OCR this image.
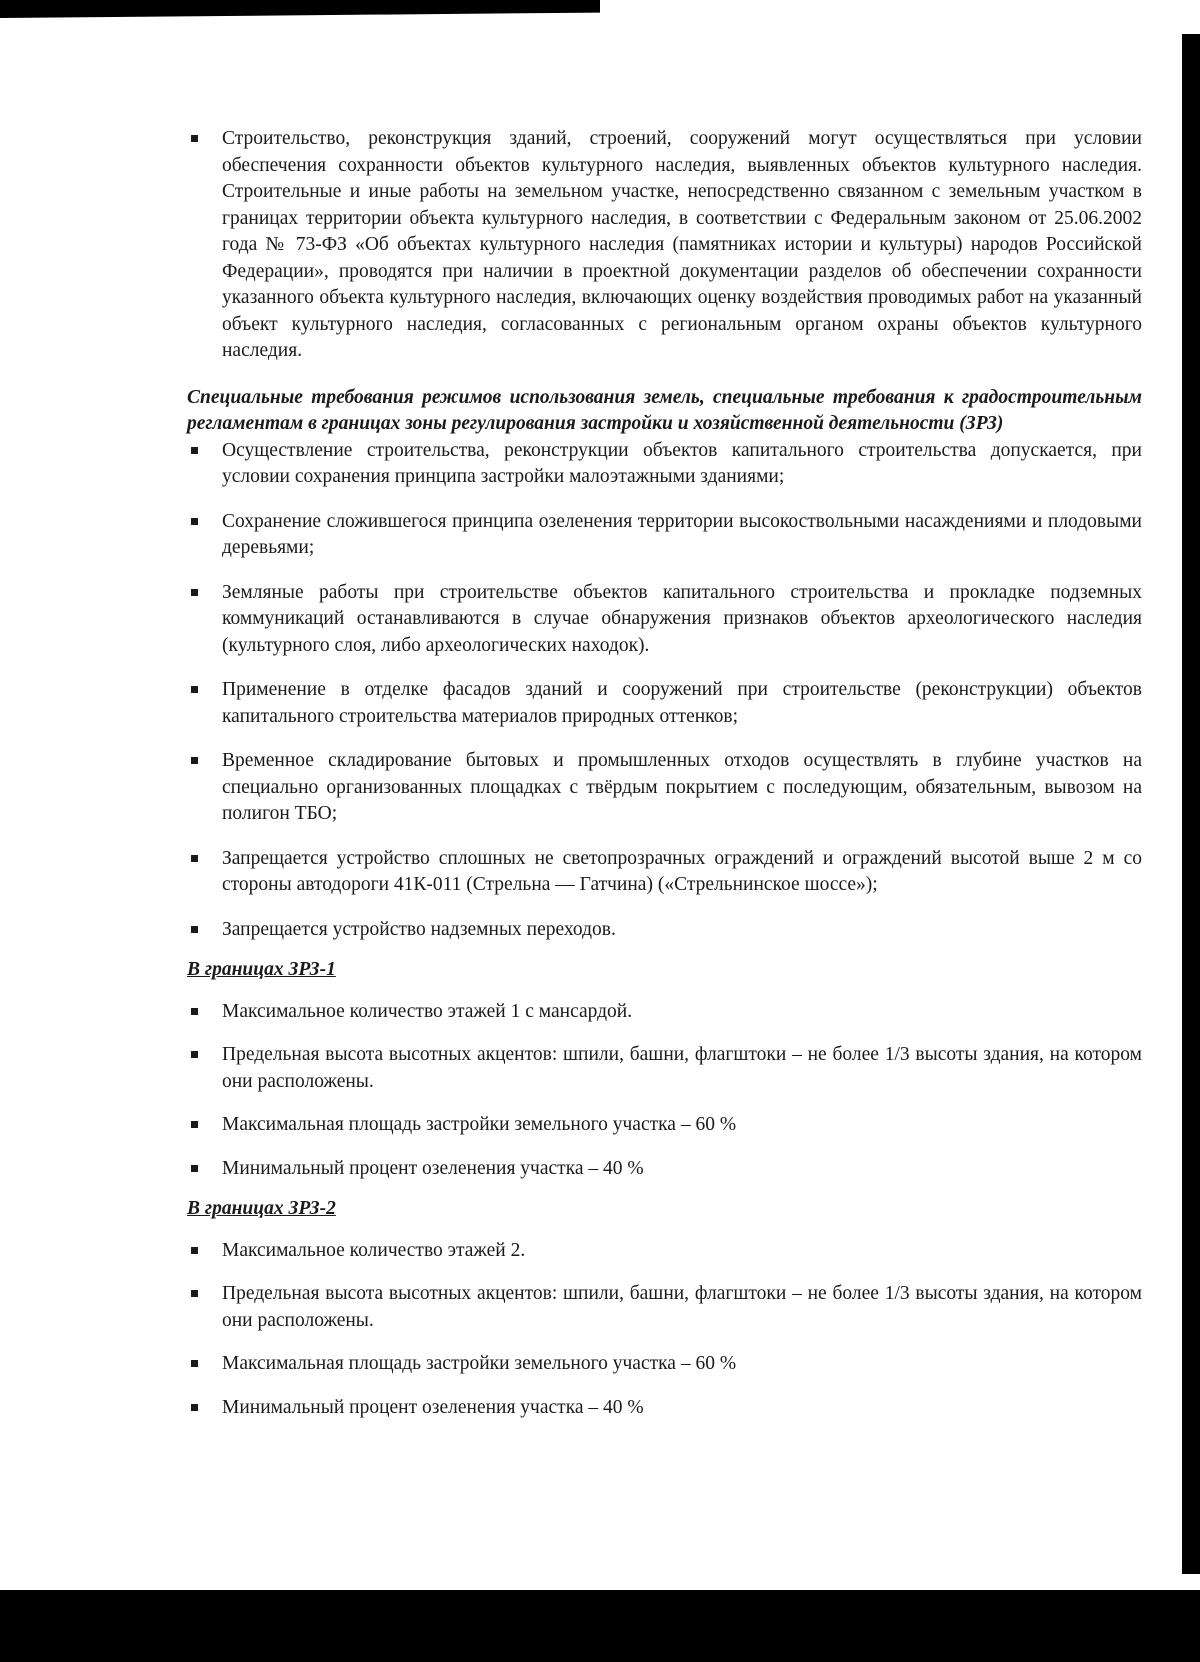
Строительство, реконструкция зданий, строений, сооружений могут осуществляться при условии обеспечения сохранности объектов культурного наследия, выявленных объектов культурного наследия. Строительные и иные работы на земельном участке, непосредственно связанном с земельным участком в границах территории объекта культурного наследия, в соответствии с Федеральным законом от 25.06.2002 года № 73-ФЗ «Об объектах культурного наследия (памятниках истории и культуры) народов Российской Федерации», проводятся при наличии в проектной документации разделов об обеспечении сохранности указанного объекта культурного наследия, включающих оценку воздействия проводимых работ на указанный объект культурного наследия, согласованных с региональным органом охраны объектов культурного наследия.

Специальные требования режимов использования земель, специальные требования к градостроительным регламентам в границах зоны регулирования застройки и хозяйственной деятельности (ЗРЗ)

Осуществление строительства, реконструкции объектов капитального строительства допускается, при условии сохранения принципа застройки малоэтажными зданиями;
Сохранение сложившегося принципа озеленения территории высокоствольными насаждениями и плодовыми деревьями;
Земляные работы при строительстве объектов капитального строительства и прокладке подземных коммуникаций останавливаются в случае обнаружения признаков объектов археологического наследия (культурного слоя, либо археологических находок).
Применение в отделке фасадов зданий и сооружений при строительстве (реконструкции) объектов капитального строительства материалов природных оттенков;
Временное складирование бытовых и промышленных отходов осуществлять в глубине участков на специально организованных площадках с твёрдым покрытием с последующим, обязательным, вывозом на полигон ТБО;
Запрещается устройство сплошных не светопрозрачных ограждений и ограждений высотой выше 2 м со стороны автодороги 41К-011 (Стрельна — Гатчина) («Стрельнинское шоссе»);
Запрещается устройство надземных переходов.

В границах ЗРЗ-1

Максимальное количество этажей 1 с мансардой.
Предельная высота высотных акцентов: шпили, башни, флагштоки – не более 1/3 высоты здания, на котором они расположены.
Максимальная площадь застройки земельного участка – 60 %
Минимальный процент озеленения участка – 40 %

В границах ЗРЗ-2

Максимальное количество этажей 2.
Предельная высота высотных акцентов: шпили, башни, флагштоки – не более 1/3 высоты здания, на котором они расположены.
Максимальная площадь застройки земельного участка – 60 %
Минимальный процент озеленения участка – 40 %
